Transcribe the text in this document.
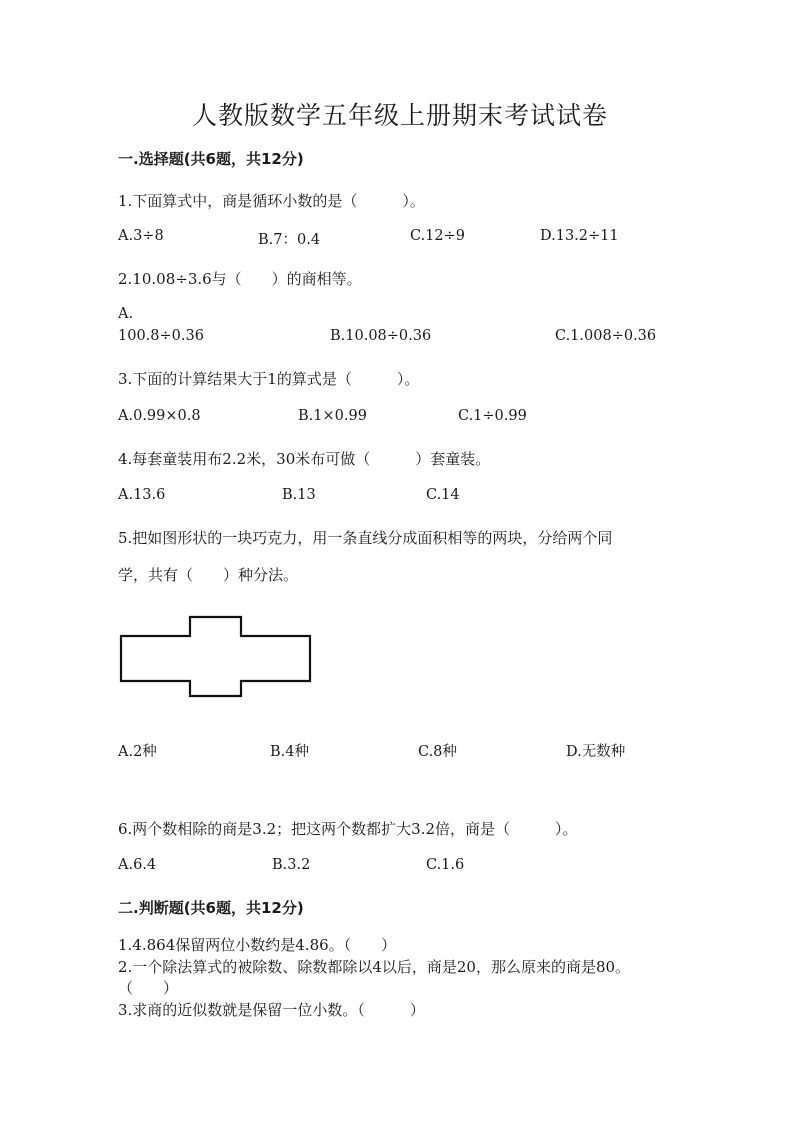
人教版数学五年级上册期末考试试卷
一.选择题(共6题，共12分)
1.下面算式中，商是循环小数的是（　　　）。
A.3÷8	B.7：0.4	C.12÷9	D.13.2÷11
2.10.08÷3.6与（　　）的商相等。
A.
100.8÷0.36	B.10.08÷0.36	C.1.008÷0.36
3.下面的计算结果大于1的算式是（　　　）。
A.0.99×0.8	B.1×0.99	C.1÷0.99
4.每套童装用布2.2米，30米布可做（　　　）套童装。
A.13.6	B.13	C.14
5.把如图形状的一块巧克力，用一条直线分成面积相等的两块，分给两个同
学，共有（　　）种分法。
A.2种	B.4种	C.8种	D.无数种
6.两个数相除的商是3.2；把这两个数都扩大3.2倍，商是（　　　）。
A.6.4	B.3.2	C.1.6
二.判断题(共6题，共12分)
1.4.864保留两位小数约是4.86。（　　）
2.一个除法算式的被除数、除数都除以4以后，商是20，那么原来的商是80。
（　　）
3.求商的近似数就是保留一位小数。（　　　）
